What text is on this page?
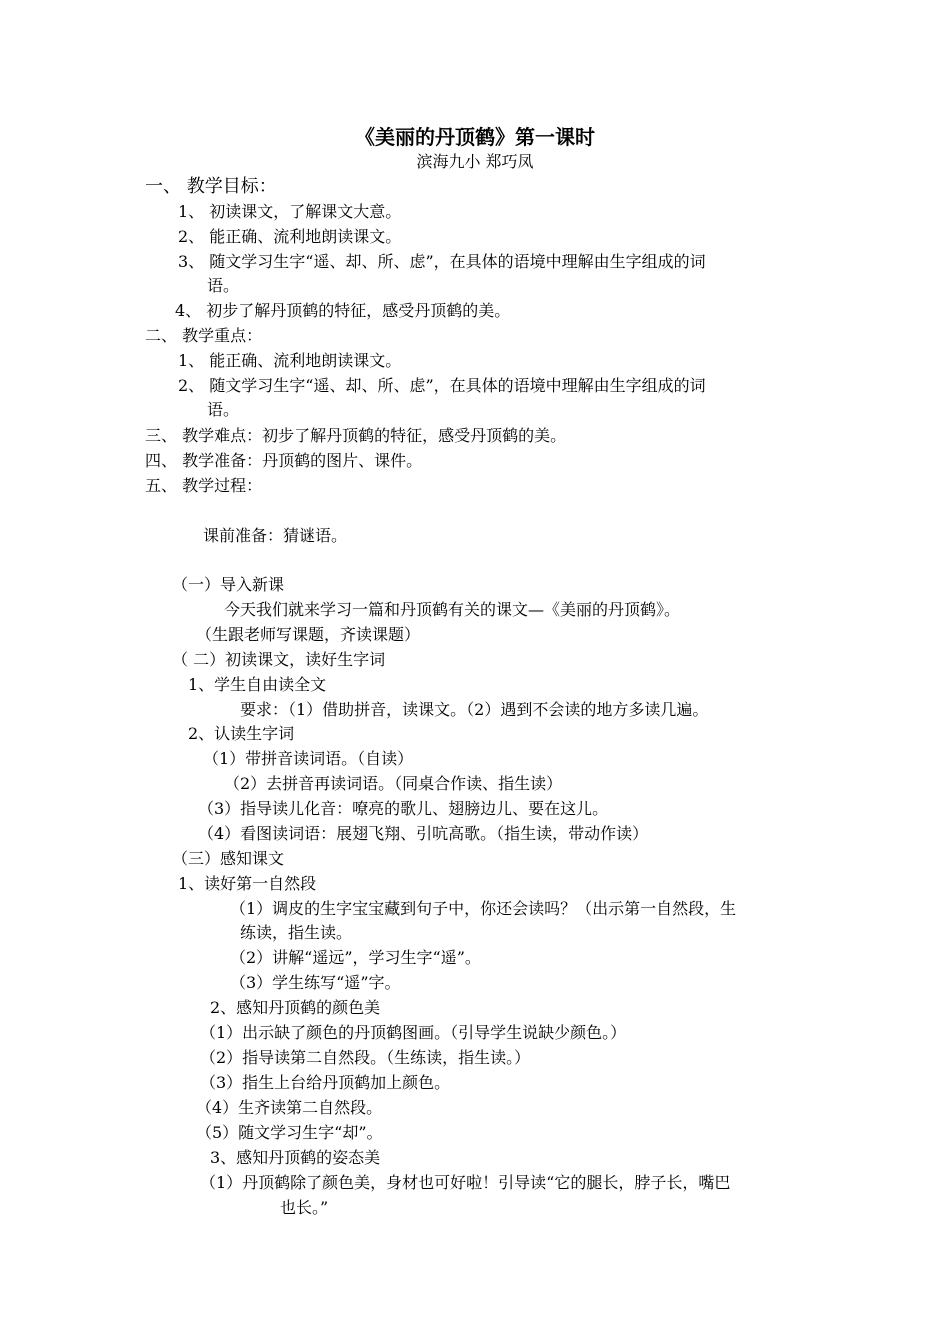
《美丽的丹顶鹤》第一课时
滨海九小 郑巧凤
一、 教学目标：
1、 初读课文，了解课文大意。
2、 能正确、流利地朗读课文。
3、 随文学习生字“遥、却、所、虑”，在具体的语境中理解由生字组成的词
语。
4、 初步了解丹顶鹤的特征，感受丹顶鹤的美。
二、 教学重点：
1、 能正确、流利地朗读课文。
2、 随文学习生字“遥、却、所、虑”，在具体的语境中理解由生字组成的词
语。
三、 教学难点：初步了解丹顶鹤的特征，感受丹顶鹤的美。
四、 教学准备：丹顶鹤的图片、课件。
五、 教学过程：
课前准备：猜谜语。
（一）导入新课
今天我们就来学习一篇和丹顶鹤有关的课文—《美丽的丹顶鹤》。
（生跟老师写课题，齐读课题）
（ 二）初读课文，读好生字词
1、学生自由读全文
要求：（1）借助拼音，读课文。（2）遇到不会读的地方多读几遍。
2、认读生字词
（1）带拼音读词语。（自读）
（2）去拼音再读词语。（同桌合作读、指生读）
（3）指导读儿化音：嘹亮的歌儿、翅膀边儿、要在这儿。
（4）看图读词语：展翅飞翔、引吭高歌。（指生读，带动作读）
（三）感知课文
1、读好第一自然段
（1）调皮的生字宝宝藏到句子中，你还会读吗？（出示第一自然段，生
练读，指生读。
（2）讲解“遥远”，学习生字“遥”。
（3）学生练写“遥”字。
2、感知丹顶鹤的颜色美
（1）出示缺了颜色的丹顶鹤图画。（引导学生说缺少颜色。）
（2）指导读第二自然段。（生练读，指生读。）
（3）指生上台给丹顶鹤加上颜色。
（4）生齐读第二自然段。
（5）随文学习生字“却”。
3、感知丹顶鹤的姿态美
（1）丹顶鹤除了颜色美，身材也可好啦！引导读“它的腿长，脖子长，嘴巴
也长。”
